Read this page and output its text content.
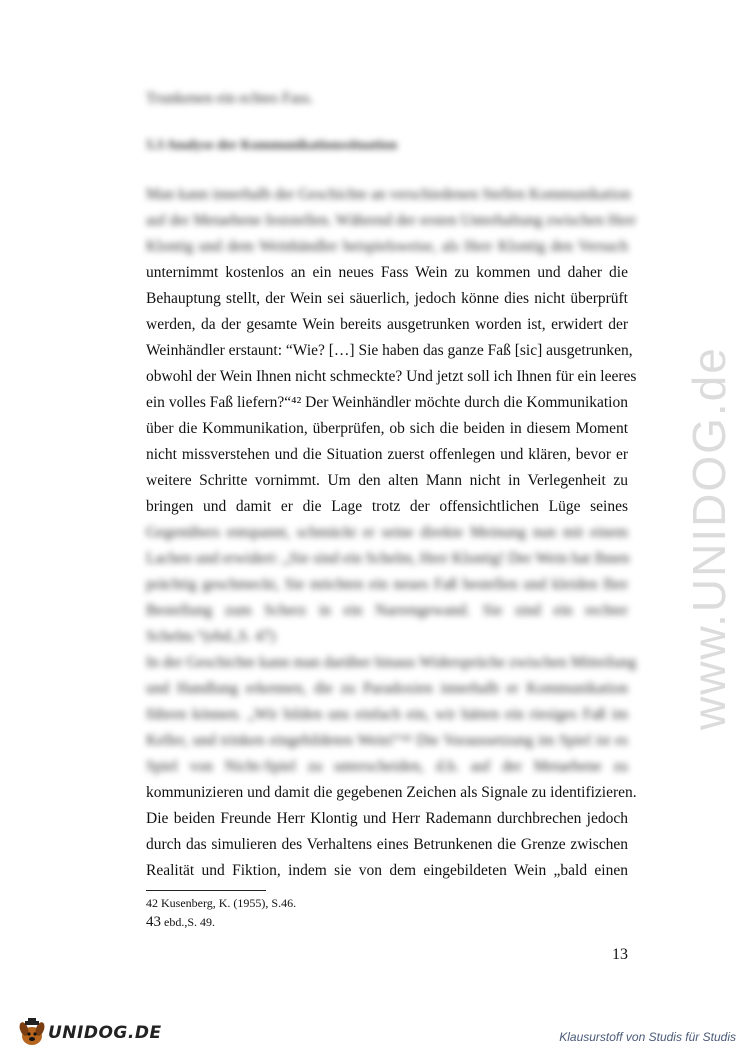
www.UNIDOG.de
Trunkenen ein echtes Fass.
5.3 Analyse der Kommunikationssituation
Man kann innerhalb der Geschichte an verschiedenen Stellen Kommunikation
auf der Metaebene feststellen. Während der ersten Unterhaltung zwischen Herr
Klontig und dem Weinhändler beispielsweise, als Herr Klontig den Versuch
unternimmt kostenlos an ein neues Fass Wein zu kommen und daher die
Behauptung stellt, der Wein sei säuerlich, jedoch könne dies nicht überprüft
werden, da der gesamte Wein bereits ausgetrunken worden ist, erwidert der
Weinhändler erstaunt: “Wie? […] Sie haben das ganze Faß [sic] ausgetrunken,
obwohl der Wein Ihnen nicht schmeckte? Und jetzt soll ich Ihnen für ein leeres
ein volles Faß liefern?“⁴² Der Weinhändler möchte durch die Kommunikation
über die Kommunikation, überprüfen, ob sich die beiden in diesem Moment
nicht missverstehen und die Situation zuerst offenlegen und klären, bevor er
weitere Schritte vornimmt. Um den alten Mann nicht in Verlegenheit zu
bringen und damit er die Lage trotz der offensichtlichen Lüge seines
Gegenübers entspannt, schmückt er seine direkte Meinung nun mit einem
Lachen und erwidert: „Sie sind ein Schelm, Herr Klontig! Der Wein hat Ihnen
prächtig geschmeckt, Sie möchten ein neues Faß bestellen und kleiden Ihre
Bestellung zum Scherz in ein Narrengewand. Sie sind ein rechter
Schelm.“(ebd.,S. 47)
In der Geschichte kann man darüber hinaus Widersprüche zwischen Mitteilung
und Handlung erkennen, die zu Paradoxien innerhalb er Kommunikation
führen können. „Wir bilden uns einfach ein, wir hätten ein riesiges Faß im
Keller, und trinken eingebildeten Wein!“⁴³ Die Voraussetzung im Spiel ist es
Spiel von Nicht-Spiel zu unterscheiden, d.h. auf der Metaebene zu
kommunizieren und damit die gegebenen Zeichen als Signale zu identifizieren.
Die beiden Freunde Herr Klontig und Herr Rademann durchbrechen jedoch
durch das simulieren des Verhaltens eines Betrunkenen die Grenze zwischen
Realität und Fiktion, indem sie von dem eingebildeten Wein „bald einen
42 Kusenberg, K. (1955), S.46.
43 ebd.,S. 49.
13
UNIDOG.DE	Klausurstoff von Studis für Studis
